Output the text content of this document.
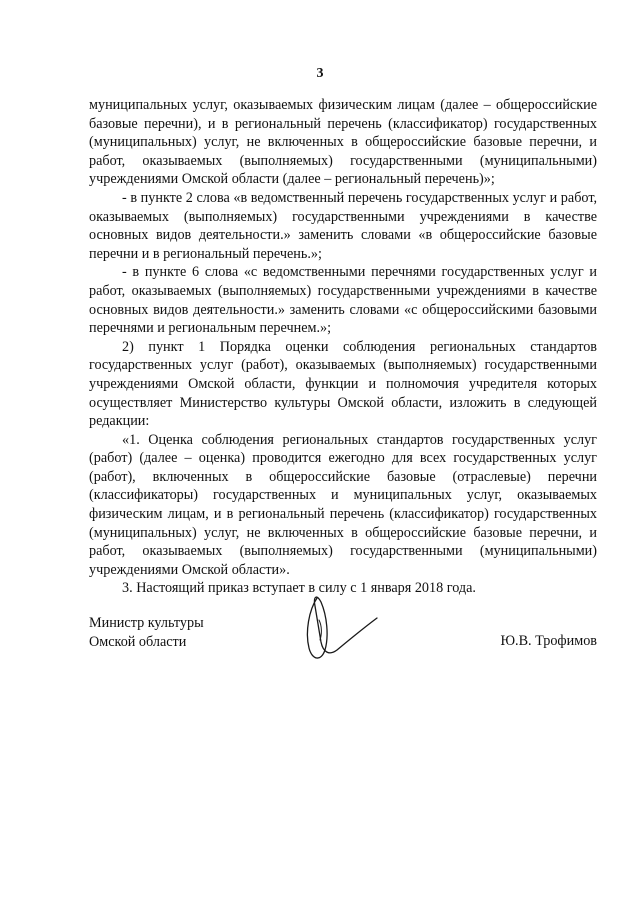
3

муниципальных услуг, оказываемых физическим лицам (далее – общероссийские базовые перечни), и в региональный перечень (классификатор) государственных (муниципальных) услуг, не включенных в общероссийские базовые перечни, и работ, оказываемых (выполняемых) государственными (муниципальными) учреждениями Омской области (далее – региональный перечень)»;

- в пункте 2 слова «в ведомственный перечень государственных услуг и работ, оказываемых (выполняемых) государственными учреждениями в качестве основных видов деятельности.» заменить словами «в общероссийские базовые перечни и в региональный перечень.»;

- в пункте 6 слова «с ведомственными перечнями государственных услуг и работ, оказываемых (выполняемых) государственными учреждениями в качестве основных видов деятельности.» заменить словами «с общероссийскими базовыми перечнями и региональным перечнем.»;

2) пункт 1 Порядка оценки соблюдения региональных стандартов государственных услуг (работ), оказываемых (выполняемых) государственными учреждениями Омской области, функции и полномочия учредителя которых осуществляет Министерство культуры Омской области, изложить в следующей редакции:

«1. Оценка соблюдения региональных стандартов государственных услуг (работ) (далее – оценка) проводится ежегодно для всех государственных услуг (работ), включенных в общероссийские базовые (отраслевые) перечни (классификаторы) государственных и муниципальных услуг, оказываемых физическим лицам, и в региональный перечень (классификатор) государственных (муниципальных) услуг, не включенных в общероссийские базовые перечни, и работ, оказываемых (выполняемых) государственными (муниципальными) учреждениями Омской области».

3. Настоящий приказ вступает в силу с 1 января 2018 года.

Министр культуры
Омской области	Ю.В. Трофимов
